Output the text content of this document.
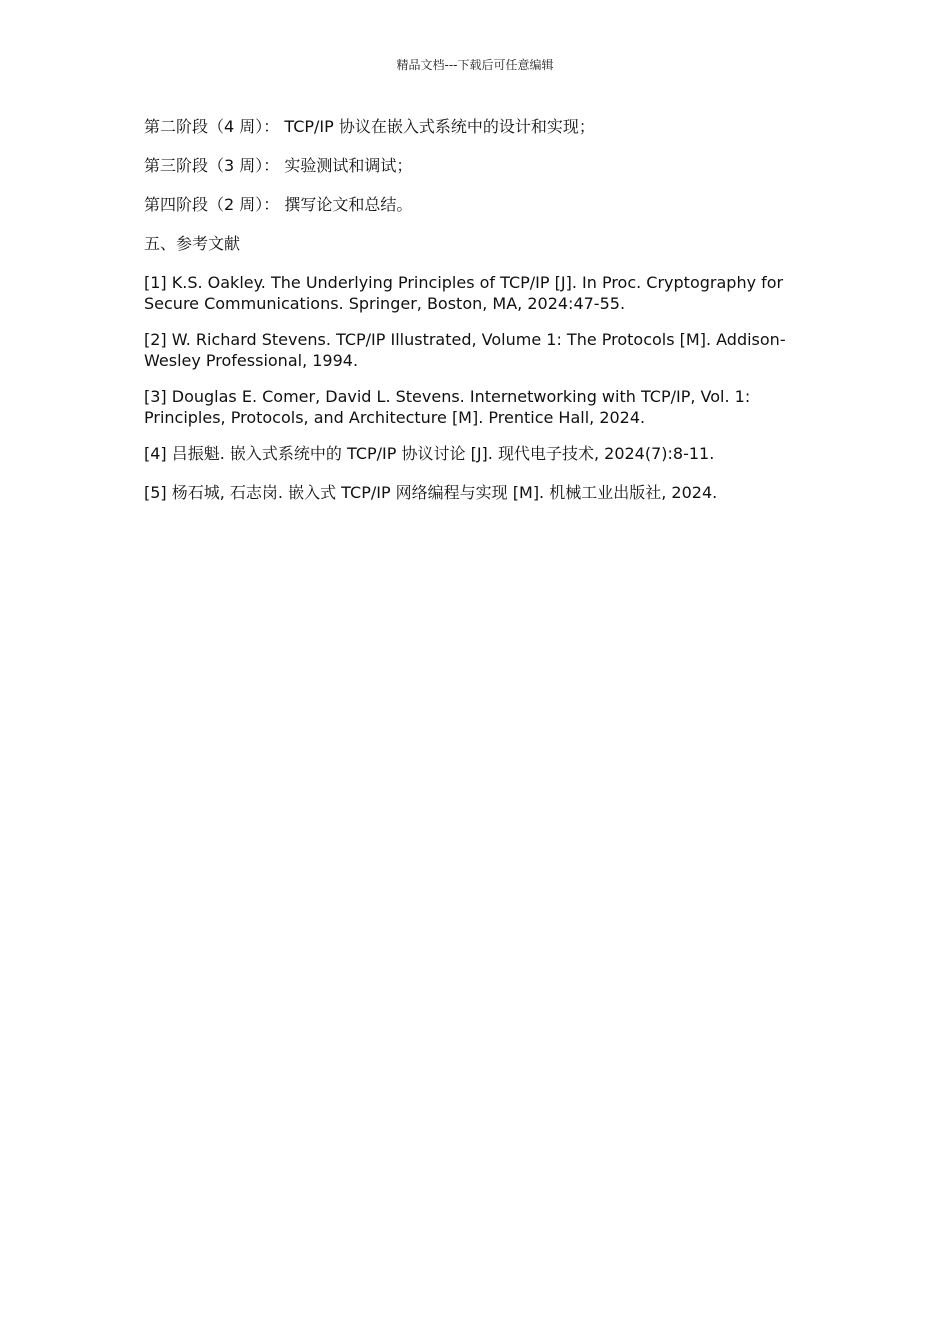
精品文档---下载后可任意编辑

第二阶段（4 周）： TCP/IP 协议在嵌入式系统中的设计和实现；

第三阶段（3 周）： 实验测试和调试；

第四阶段（2 周）： 撰写论文和总结。

五、参考文献

[1] K.S. Oakley. The Underlying Principles of TCP/IP [J]. In Proc. Cryptography for Secure Communications. Springer, Boston, MA, 2024:47-55.

[2] W. Richard Stevens. TCP/IP Illustrated, Volume 1: The Protocols [M]. Addison-Wesley Professional, 1994.

[3] Douglas E. Comer, David L. Stevens. Internetworking with TCP/IP, Vol. 1: Principles, Protocols, and Architecture [M]. Prentice Hall, 2024.

[4] 吕振魁. 嵌入式系统中的 TCP/IP 协议讨论 [J]. 现代电子技术, 2024(7):8-11.

[5] 杨石城, 石志岗. 嵌入式 TCP/IP 网络编程与实现 [M]. 机械工业出版社, 2024.
